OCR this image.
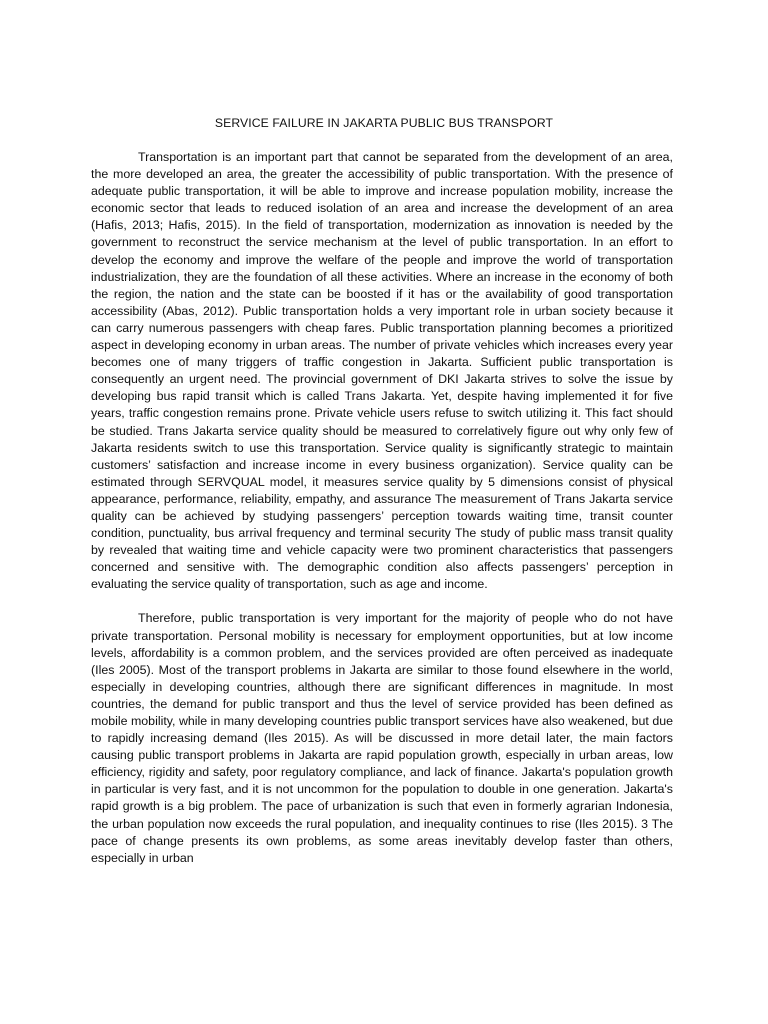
SERVICE FAILURE IN JAKARTA PUBLIC BUS TRANSPORT

Transportation is an important part that cannot be separated from the development of an area, the more developed an area, the greater the accessibility of public transportation. With the presence of adequate public transportation, it will be able to improve and increase population mobility, increase the economic sector that leads to reduced isolation of an area and increase the development of an area (Hafis, 2013; Hafis, 2015). In the field of transportation, modernization as innovation is needed by the government to reconstruct the service mechanism at the level of public transportation. In an effort to develop the economy and improve the welfare of the people and improve the world of transportation industrialization, they are the foundation of all these activities. Where an increase in the economy of both the region, the nation and the state can be boosted if it has or the availability of good transportation accessibility (Abas, 2012). Public transportation holds a very important role in urban society because it can carry numerous passengers with cheap fares. Public transportation planning becomes a prioritized aspect in developing economy in urban areas. The number of private vehicles which increases every year becomes one of many triggers of traffic congestion in Jakarta. Sufficient public transportation is consequently an urgent need. The provincial government of DKI Jakarta strives to solve the issue by developing bus rapid transit which is called Trans Jakarta. Yet, despite having implemented it for five years, traffic congestion remains prone. Private vehicle users refuse to switch utilizing it. This fact should be studied. Trans Jakarta service quality should be measured to correlatively figure out why only few of Jakarta residents switch to use this transportation. Service quality is significantly strategic to maintain customers’ satisfaction and increase income in every business organization). Service quality can be estimated through SERVQUAL model, it measures service quality by 5 dimensions consist of physical appearance, performance, reliability, empathy, and assurance The measurement of Trans Jakarta service quality can be achieved by studying passengers’ perception towards waiting time, transit counter condition, punctuality, bus arrival frequency and terminal security The study of public mass transit quality by revealed that waiting time and vehicle capacity were two prominent characteristics that passengers concerned and sensitive with. The demographic condition also affects passengers’ perception in evaluating the service quality of transportation, such as age and income.

Therefore, public transportation is very important for the majority of people who do not have private transportation. Personal mobility is necessary for employment opportunities, but at low income levels, affordability is a common problem, and the services provided are often perceived as inadequate (Iles 2005). Most of the transport problems in Jakarta are similar to those found elsewhere in the world, especially in developing countries, although there are significant differences in magnitude. In most countries, the demand for public transport and thus the level of service provided has been defined as mobile mobility, while in many developing countries public transport services have also weakened, but due to rapidly increasing demand (Iles 2015). As will be discussed in more detail later, the main factors causing public transport problems in Jakarta are rapid population growth, especially in urban areas, low efficiency, rigidity and safety, poor regulatory compliance, and lack of finance. Jakarta's population growth in particular is very fast, and it is not uncommon for the population to double in one generation. Jakarta's rapid growth is a big problem. The pace of urbanization is such that even in formerly agrarian Indonesia, the urban population now exceeds the rural population, and inequality continues to rise (Iles 2015). 3 The pace of change presents its own problems, as some areas inevitably develop faster than others, especially in urban
